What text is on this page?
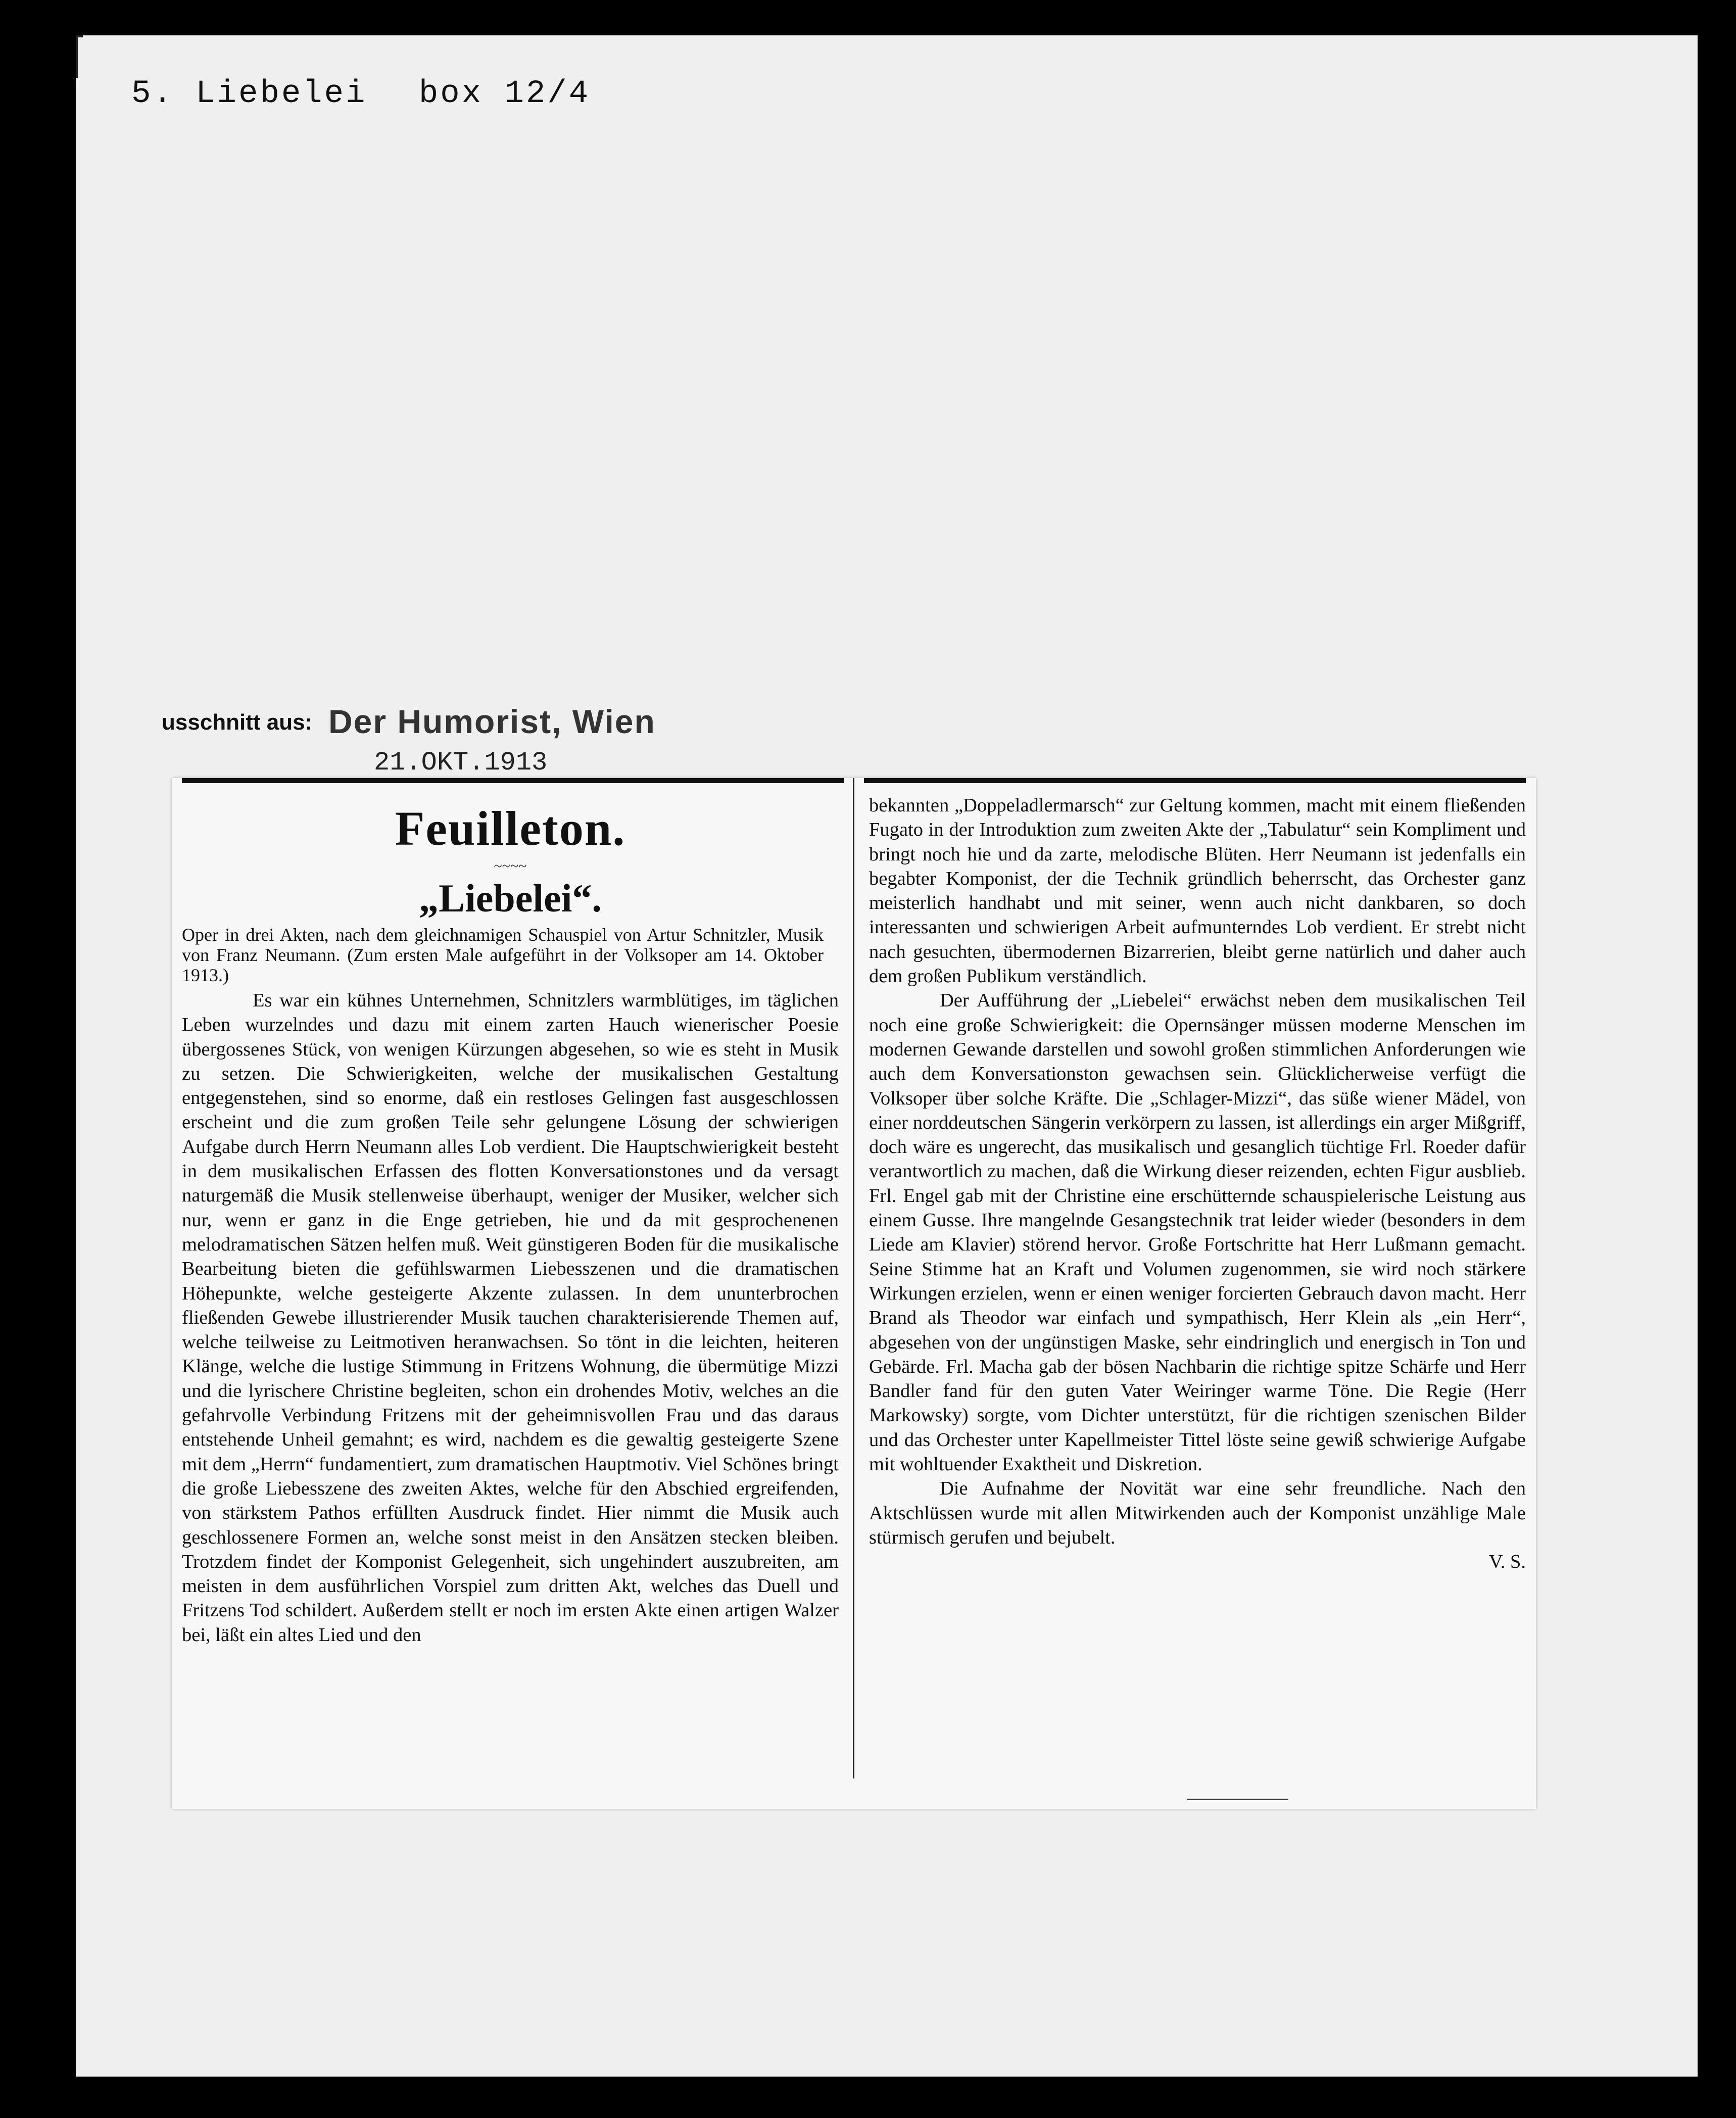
5. Liebelei box 12/4
usschnitt aus: Der Humorist, Wien
21.OKT.1913
Feuilleton.
~~~~
„Liebelei“.
Oper in drei Akten, nach dem gleichnamigen Schauspiel von Artur Schnitzler, Musik von Franz Neumann. (Zum ersten Male aufgeführt in der Volksoper am 14. Oktober 1913.)

Es war ein kühnes Unternehmen, Schnitzlers warmblütiges, im täglichen Leben wurzelndes und dazu mit einem zarten Hauch wienerischer Poesie übergossenes Stück, von wenigen Kürzungen abgesehen, so wie es steht in Musik zu setzen. Die Schwierigkeiten, welche der musikalischen Gestaltung entgegenstehen, sind so enorme, daß ein restloses Gelingen fast ausgeschlossen erscheint und die zum großen Teile sehr gelungene Lösung der schwierigen Aufgabe durch Herrn Neumann alles Lob verdient. Die Hauptschwierigkeit besteht in dem musikalischen Erfassen des flotten Konversationstones und da versagt naturgemäß die Musik stellenweise überhaupt, weniger der Musiker, welcher sich nur, wenn er ganz in die Enge getrieben, hie und da mit gesprochenenen melodramatischen Sätzen helfen muß. Weit günstigeren Boden für die musikalische Bearbeitung bieten die gefühlswarmen Liebesszenen und die dramatischen Höhepunkte, welche gesteigerte Akzente zulassen. In dem ununterbrochen fließenden Gewebe illustrierender Musik tauchen charakterisierende Themen auf, welche teilweise zu Leitmotiven heranwachsen. So tönt in die leichten, heiteren Klänge, welche die lustige Stimmung in Fritzens Wohnung, die übermütige Mizzi und die lyrischere Christine begleiten, schon ein drohendes Motiv, welches an die gefahrvolle Verbindung Fritzens mit der geheimnisvollen Frau und das daraus entstehende Unheil gemahnt; es wird, nachdem es die gewaltig gesteigerte Szene mit dem „Herrn“ fundamentiert, zum dramatischen Hauptmotiv. Viel Schönes bringt die große Liebesszene des zweiten Aktes, welche für den Abschied ergreifenden, von stärkstem Pathos erfüllten Ausdruck findet. Hier nimmt die Musik auch geschlossenere Formen an, welche sonst meist in den Ansätzen stecken bleiben. Trotzdem findet der Komponist Gelegenheit, sich ungehindert auszubreiten, am meisten in dem ausführlichen Vorspiel zum dritten Akt, welches das Duell und Fritzens Tod schildert. Außerdem stellt er noch im ersten Akte einen artigen Walzer bei, läßt ein altes Lied und den

bekannten „Doppeladlermarsch“ zur Geltung kommen, macht mit einem fließenden Fugato in der Introduktion zum zweiten Akte der „Tabulatur“ sein Kompliment und bringt noch hie und da zarte, melodische Blüten. Herr Neumann ist jedenfalls ein begabter Komponist, der die Technik gründlich beherrscht, das Orchester ganz meisterlich handhabt und mit seiner, wenn auch nicht dankbaren, so doch interessanten und schwierigen Arbeit aufmunterndes Lob verdient. Er strebt nicht nach gesuchten, übermodernen Bizarrerien, bleibt gerne natürlich und daher auch dem großen Publikum verständlich.

Der Aufführung der „Liebelei“ erwächst neben dem musikalischen Teil noch eine große Schwierigkeit: die Opernsänger müssen moderne Menschen im modernen Gewande darstellen und sowohl großen stimmlichen Anforderungen wie auch dem Konversationston gewachsen sein. Glücklicherweise verfügt die Volksoper über solche Kräfte. Die „Schlager-Mizzi“, das süße wiener Mädel, von einer norddeutschen Sängerin verkörpern zu lassen, ist allerdings ein arger Mißgriff, doch wäre es ungerecht, das musikalisch und gesanglich tüchtige Frl. Roeder dafür verantwortlich zu machen, daß die Wirkung dieser reizenden, echten Figur ausblieb. Frl. Engel gab mit der Christine eine erschütternde schauspielerische Leistung aus einem Gusse. Ihre mangelnde Gesangstechnik trat leider wieder (besonders in dem Liede am Klavier) störend hervor. Große Fortschritte hat Herr Lußmann gemacht. Seine Stimme hat an Kraft und Volumen zugenommen, sie wird noch stärkere Wirkungen erzielen, wenn er einen weniger forcierten Gebrauch davon macht. Herr Brand als Theodor war einfach und sympathisch, Herr Klein als „ein Herr“, abgesehen von der ungünstigen Maske, sehr eindringlich und energisch in Ton und Gebärde. Frl. Macha gab der bösen Nachbarin die richtige spitze Schärfe und Herr Bandler fand für den guten Vater Weiringer warme Töne. Die Regie (Herr Markowsky) sorgte, vom Dichter unterstützt, für die richtigen szenischen Bilder und das Orchester unter Kapellmeister Tittel löste seine gewiß schwierige Aufgabe mit wohltuender Exaktheit und Diskretion.

Die Aufnahme der Novität war eine sehr freundliche. Nach den Aktschlüssen wurde mit allen Mitwirkenden auch der Komponist unzählige Male stürmisch gerufen und bejubelt.

V. S.
